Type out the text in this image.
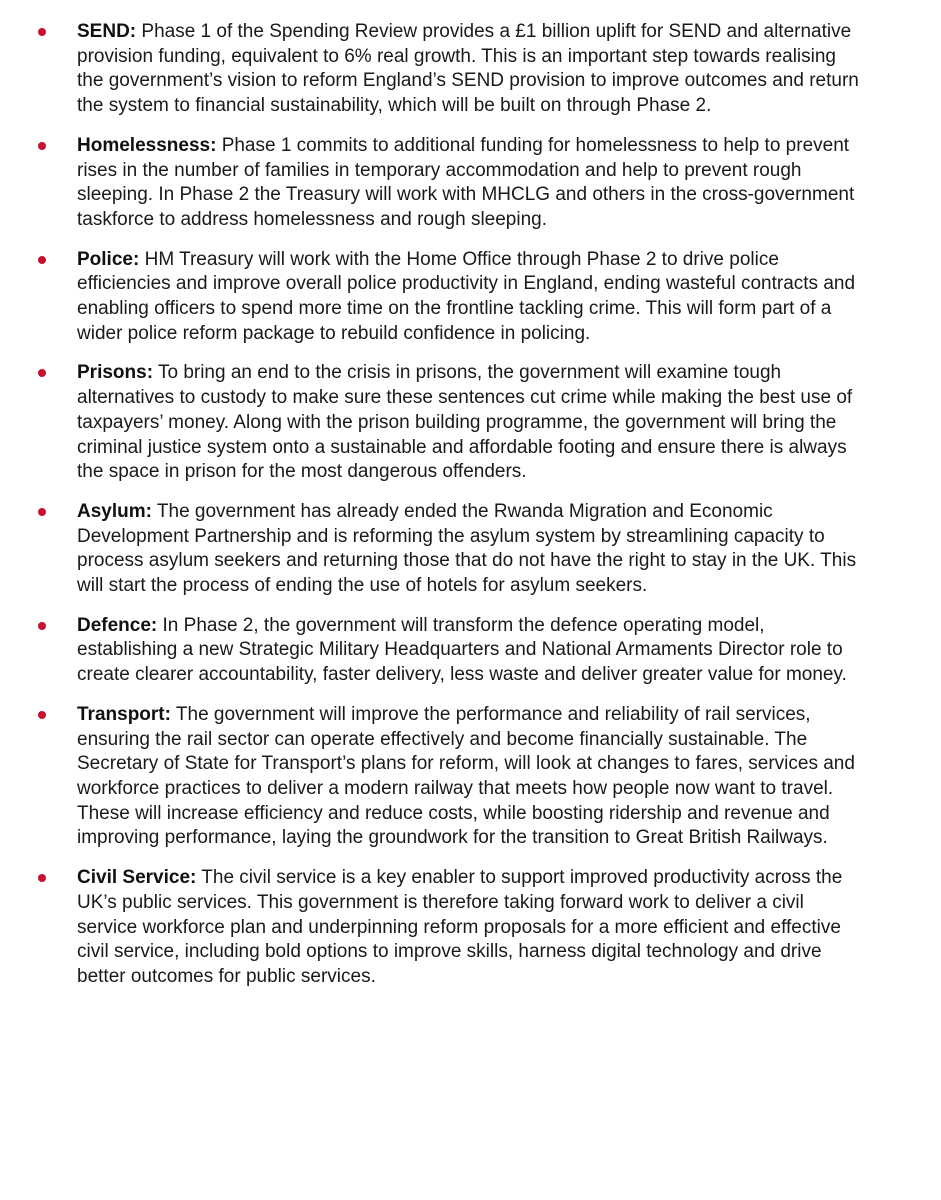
SEND: Phase 1 of the Spending Review provides a £1 billion uplift for SEND and alternative provision funding, equivalent to 6% real growth. This is an important step towards realising the government’s vision to reform England’s SEND provision to improve outcomes and return the system to financial sustainability, which will be built on through Phase 2.
Homelessness: Phase 1 commits to additional funding for homelessness to help to prevent rises in the number of families in temporary accommodation and help to prevent rough sleeping. In Phase 2 the Treasury will work with MHCLG and others in the cross-government taskforce to address homelessness and rough sleeping.
Police: HM Treasury will work with the Home Office through Phase 2 to drive police efficiencies and improve overall police productivity in England, ending wasteful contracts and enabling officers to spend more time on the frontline tackling crime. This will form part of a wider police reform package to rebuild confidence in policing.
Prisons: To bring an end to the crisis in prisons, the government will examine tough alternatives to custody to make sure these sentences cut crime while making the best use of taxpayers’ money. Along with the prison building programme, the government will bring the criminal justice system onto a sustainable and affordable footing and ensure there is always the space in prison for the most dangerous offenders.
Asylum: The government has already ended the Rwanda Migration and Economic Development Partnership and is reforming the asylum system by streamlining capacity to process asylum seekers and returning those that do not have the right to stay in the UK. This will start the process of ending the use of hotels for asylum seekers.
Defence: In Phase 2, the government will transform the defence operating model, establishing a new Strategic Military Headquarters and National Armaments Director role to create clearer accountability, faster delivery, less waste and deliver greater value for money.
Transport: The government will improve the performance and reliability of rail services, ensuring the rail sector can operate effectively and become financially sustainable. The Secretary of State for Transport’s plans for reform, will look at changes to fares, services and workforce practices to deliver a modern railway that meets how people now want to travel. These will increase efficiency and reduce costs, while boosting ridership and revenue and improving performance, laying the groundwork for the transition to Great British Railways.
Civil Service: The civil service is a key enabler to support improved productivity across the UK’s public services. This government is therefore taking forward work to deliver a civil service workforce plan and underpinning reform proposals for a more efficient and effective civil service, including bold options to improve skills, harness digital technology and drive better outcomes for public services.
